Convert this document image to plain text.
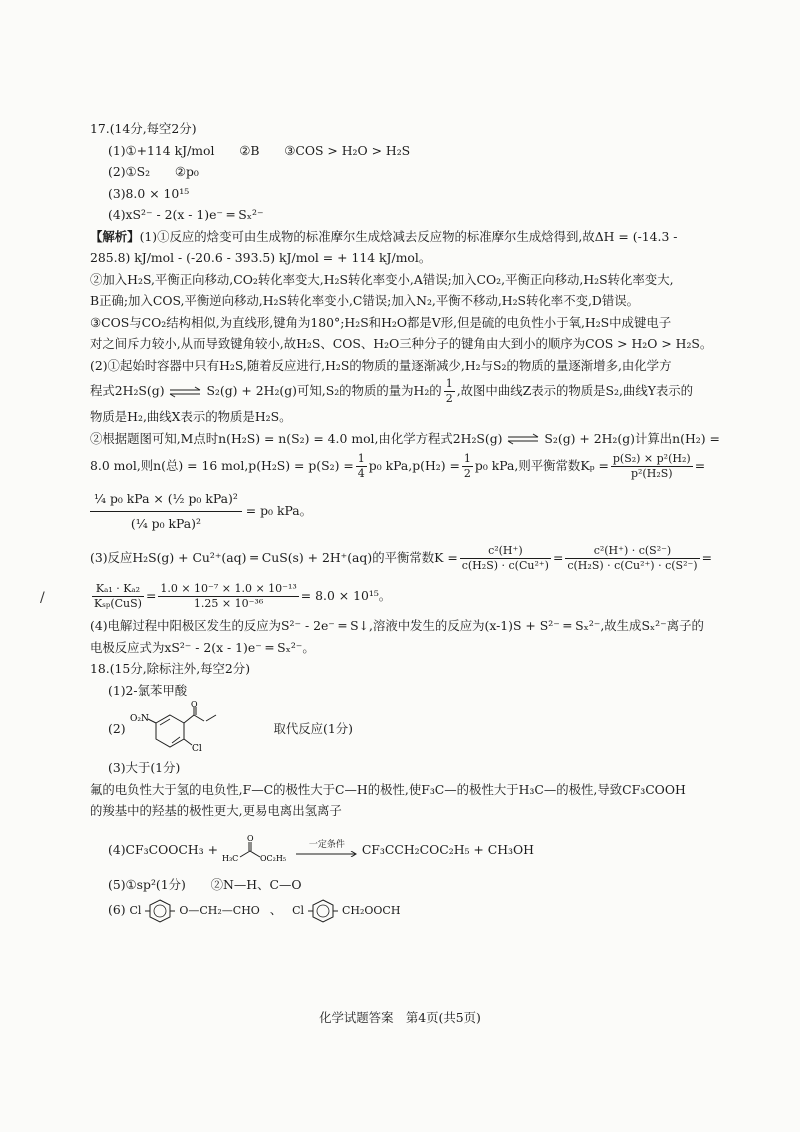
/
17.(14分,每空2分)
(1)①+114 kJ/mol　　②B　　③COS > H₂O > H₂S
(2)①S₂　　②p₀
(3)8.0 × 10¹⁵
(4)xS²⁻ - 2(x - 1)e⁻ ═ Sₓ²⁻
【解析】(1)①反应的焓变可由生成物的标准摩尔生成焓减去反应物的标准摩尔生成焓得到,故ΔH = (-14.3 -
285.8) kJ/mol - (-20.6 - 393.5) kJ/mol = + 114 kJ/mol。
②加入H₂S,平衡正向移动,CO₂转化率变大,H₂S转化率变小,A错误;加入CO₂,平衡正向移动,H₂S转化率变大,
B正确;加入COS,平衡逆向移动,H₂S转化率变小,C错误;加入N₂,平衡不移动,H₂S转化率不变,D错误。
③COS与CO₂结构相似,为直线形,键角为180°;H₂S和H₂O都是V形,但是硫的电负性小于氧,H₂S中成键电子
对之间斥力较小,从而导致键角较小,故H₂S、COS、H₂O三种分子的键角由大到小的顺序为COS > H₂O > H₂S。
(2)①起始时容器中只有H₂S,随着反应进行,H₂S的物质的量逐渐减少,H₂与S₂的物质的量逐渐增多,由化学方
程式2H₂S(g) ⇌ S₂(g) + 2H₂(g)可知,S₂的物质的量为H₂的 $\frac{1}{2}$ ,故图中曲线Z表示的物质是S₂,曲线Y表示的
物质是H₂,曲线X表示的物质是H₂S。
②根据题图可知,M点时n(H₂S) = n(S₂) = 4.0 mol,由化学方程式2H₂S(g) ⇌ S₂(g) + 2H₂(g)计算出n(H₂) =
8.0 mol,则n(总) = 16 $mol,p(H_2S) = p(S_2) = \frac{1}{4} p_0$ $kPa,p(H_2) = \frac{1}{2} p_0$ kPa,则平衡常数$K_p = \frac{\text{p(S₂) × p²(H₂)}}{\text{p²(H₂S)}}$ =
$\frac{\text{¼ p₀ kPa × (½ p₀ kPa)²}}{\text{(¼ p₀ kPa)²}} = p_0$ kPa。
(3)反应H₂S(g) + Cu²⁺(aq) ═ CuS(s) + 2H⁺(aq)的平衡常数$K = \frac{\text{c²(H⁺)}}{\text{c(H₂S) · c(Cu²⁺)}} = \frac{\text{c²(H⁺) · c(S²⁻)}}{\text{c(H₂S) · c(Cu²⁺) · c(S²⁻)}}$ =
$\frac{\text{Kₐ₁ · Kₐ₂}}{\text{Kₛₚ(CuS)}} = \frac{\text{1.0 × 10⁻⁷ × 1.0 × 10⁻¹³}}{\text{1.25 × 10⁻³⁶}} = 8.0 \times 10^{15}$。
(4)电解过程中阳极区发生的反应为S²⁻ - 2e⁻ ═ S↓,溶液中发生的反应为(x-1)S + S²⁻ ═ Sₓ²⁻,故生成Sₓ²⁻离子的
电极反应式为xS²⁻ - 2(x - 1)e⁻ ═ Sₓ²⁻。
18.(15分,除标注外,每空2分)
(1)2-氯苯甲酸
(2)
O₂N
O
Cl
取代反应(1分)
(3)大于(1分)
氟的电负性大于氢的电负性,F—C的极性大于C—H的极性,使F₃C—的极性大于H₃C—的极性,导致CF₃COOH
的羧基中的羟基的极性更大,更易电离出氢离子
(4)CF₃COOCH₃ +
H₃C
O
OC₂H₅

一定条件	CF₃CCH₂COC₂H₅ + CH₃OH
(5)①sp²(1分)　　②N—H、C—O
(6) Cl	O—CH₂—CHO 、 Cl	CH₂OOCH
化学试题答案　第4页(共5页)
